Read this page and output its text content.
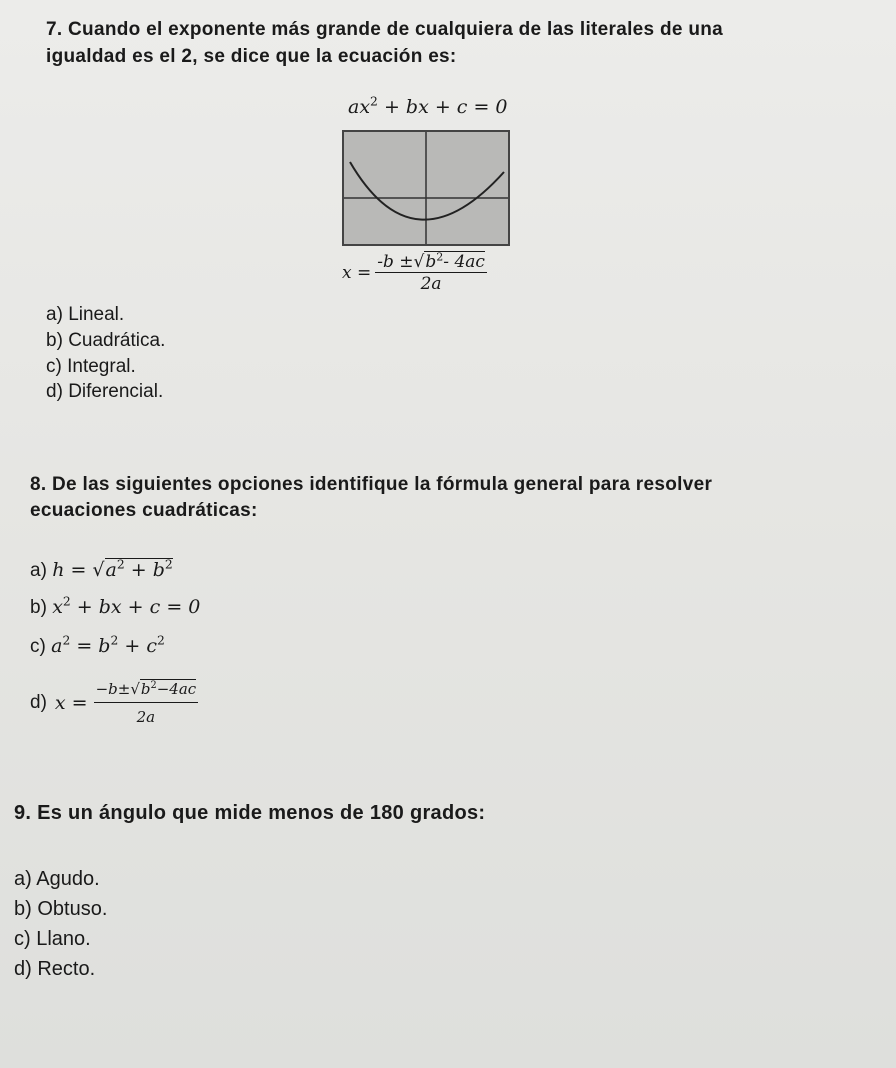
7. Cuando el exponente más grande de cualquiera de las literales de una
igualdad es el 2, se dice que la ecuación es:
$ax^2$ + bx + c = 0
$x = \frac{-b \pm√b^2- 4ac}{2a}$
a) Lineal.
b) Cuadrática.
c) Integral.
d) Diferencial.
8. De las siguientes opciones identifique la fórmula general para resolver
ecuaciones cuadráticas:
a) $h = √a^2 + b^2$
b) $x^2$ + bx + c = 0
c) $a^2 = b^2 + c^2$
d) $x = \frac{-b\pm√b^2-4ac}{2a}$
9. Es un ángulo que mide menos de 180 grados:
a) Agudo.
b) Obtuso.
c) Llano.
d) Recto.
